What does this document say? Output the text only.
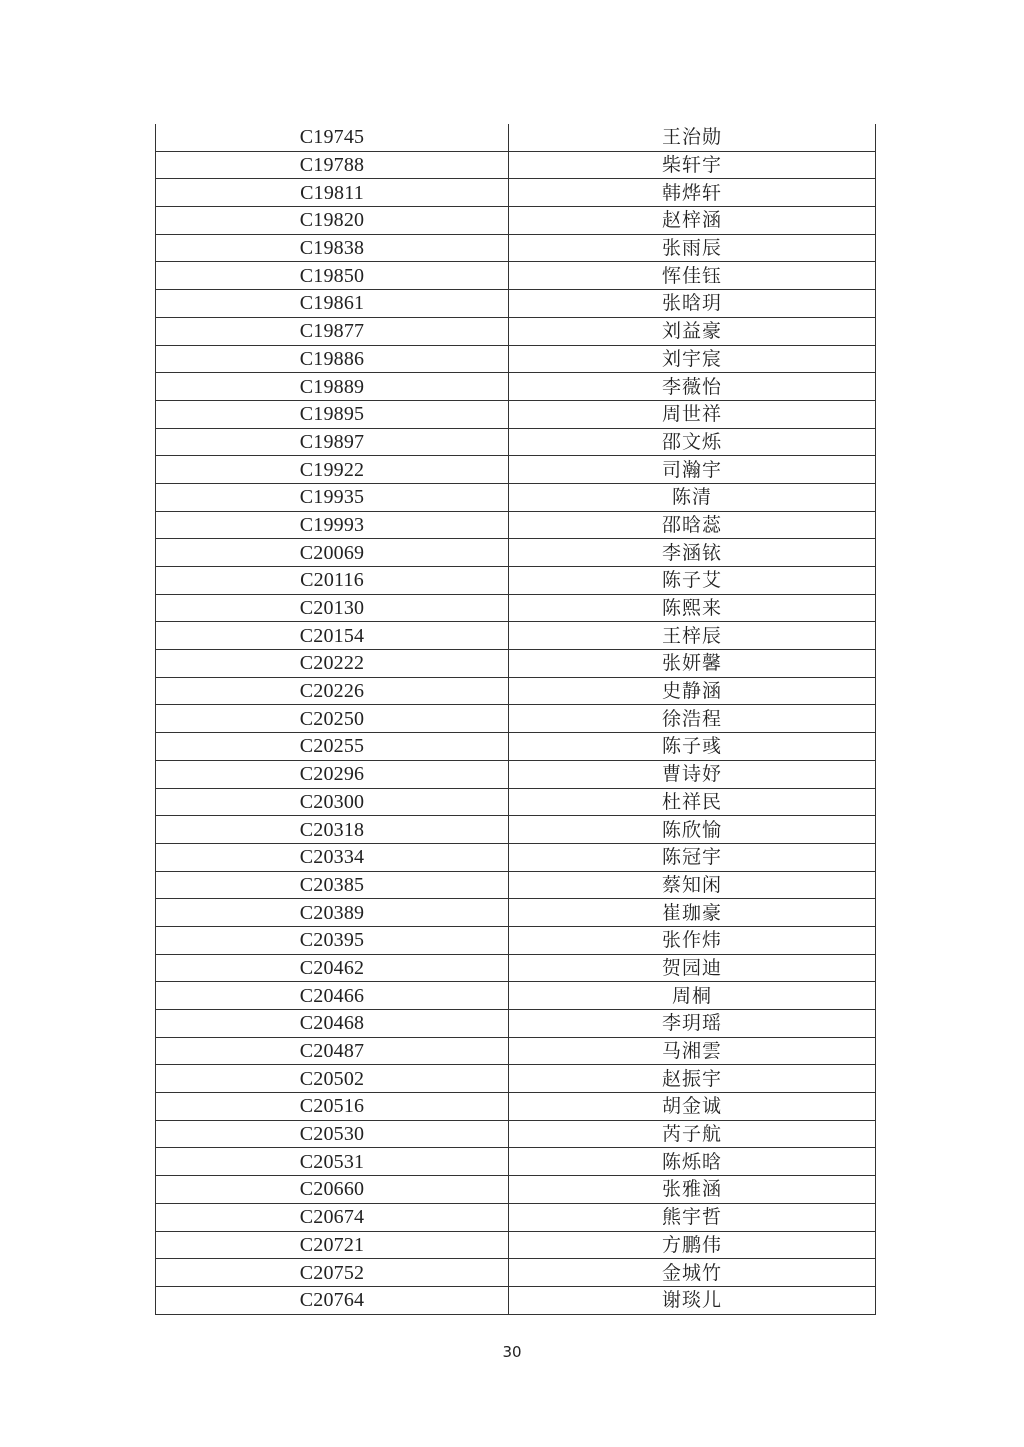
C19745	王治勋
C19788	柴轩宇
C19811	韩烨轩
C19820	赵梓涵
C19838	张雨辰
C19850	恽佳钰
C19861	张晗玥
C19877	刘益豪
C19886	刘宇宸
C19889	李薇怡
C19895	周世祥
C19897	邵文烁
C19922	司瀚宇
C19935	陈清
C19993	邵晗蕊
C20069	李涵铱
C20116	陈子艾
C20130	陈熙来
C20154	王梓辰
C20222	张妍馨
C20226	史静涵
C20250	徐浩程
C20255	陈子彧
C20296	曹诗妤
C20300	杜祥民
C20318	陈欣愉
C20334	陈冠宇
C20385	蔡知闲
C20389	崔珈豪
C20395	张作炜
C20462	贺园迪
C20466	周桐
C20468	李玥瑶
C20487	马湘雲
C20502	赵振宇
C20516	胡金诚
C20530	芮子航
C20531	陈烁晗
C20660	张雅涵
C20674	熊宇哲
C20721	方鹏伟
C20752	金城竹
C20764	谢琰儿
30
